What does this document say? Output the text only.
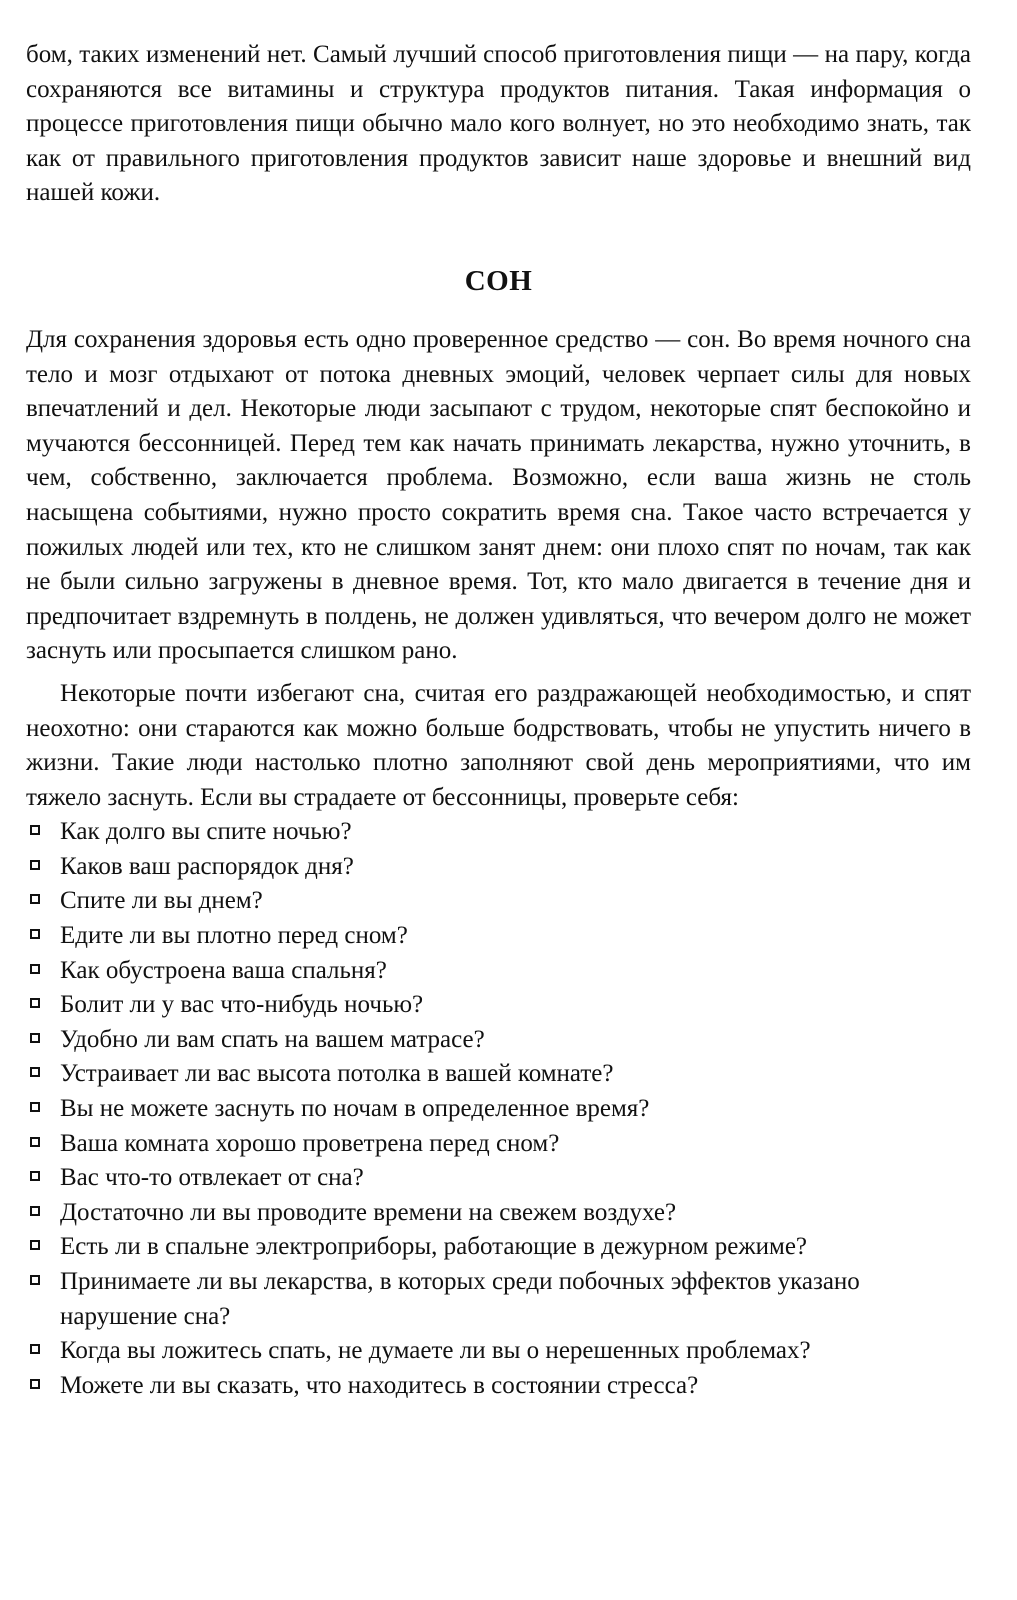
бом, таких изменений нет. Самый лучший способ приготовления пищи — на пару, когда сохраняются все витамины и структура продуктов питания. Такая информация о процессе приготовления пищи обычно мало кого волнует, но это необходимо знать, так как от правильного приготовления продуктов зависит наше здоровье и внешний вид нашей кожи.

СОН

Для сохранения здоровья есть одно проверенное средство — сон. Во время ночного сна тело и мозг отдыхают от потока дневных эмоций, человек черпает силы для новых впечатлений и дел. Некоторые люди засыпают с трудом, некоторые спят беспокойно и мучаются бессонницей. Перед тем как начать принимать лекарства, нужно уточнить, в чем, собственно, заключается проблема. Возможно, если ваша жизнь не столь насыщена событиями, нужно просто сократить время сна. Такое часто встречается у пожилых людей или тех, кто не слишком занят днем: они плохо спят по ночам, так как не были сильно загружены в дневное время. Тот, кто мало двигается в течение дня и предпочитает вздремнуть в полдень, не должен удивляться, что вечером долго не может заснуть или просыпается слишком рано.

Некоторые почти избегают сна, считая его раздражающей необходимостью, и спят неохотно: они стараются как можно больше бодрствовать, чтобы не упустить ничего в жизни. Такие люди настолько плотно заполняют свой день мероприятиями, что им тяжело заснуть. Если вы страдаете от бессонницы, проверьте себя:

Как долго вы спите ночью?
Каков ваш распорядок дня?
Спите ли вы днем?
Едите ли вы плотно перед сном?
Как обустроена ваша спальня?
Болит ли у вас что-нибудь ночью?
Удобно ли вам спать на вашем матрасе?
Устраивает ли вас высота потолка в вашей комнате?
Вы не можете заснуть по ночам в определенное время?
Ваша комната хорошо проветрена перед сном?
Вас что-то отвлекает от сна?
Достаточно ли вы проводите времени на свежем воздухе?
Есть ли в спальне электроприборы, работающие в дежурном режиме?
Принимаете ли вы лекарства, в которых среди побочных эффектов указано нарушение сна?
Когда вы ложитесь спать, не думаете ли вы о нерешенных проблемах?
Можете ли вы сказать, что находитесь в состоянии стресса?
